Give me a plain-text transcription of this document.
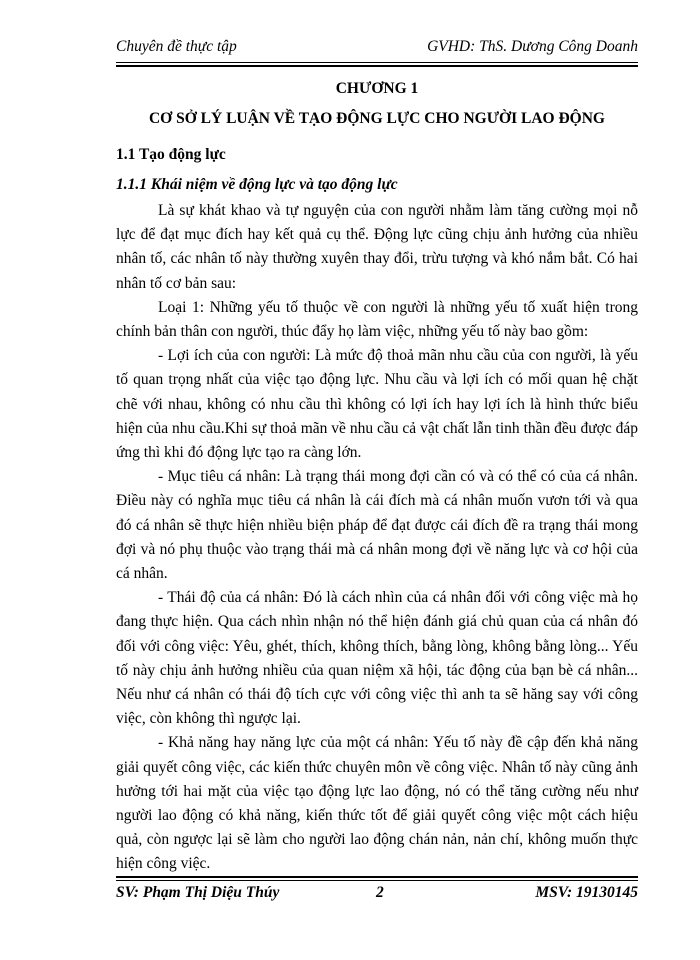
Chuyên đề thực tập	GVHD: ThS. Dương Công Doanh
CHƯƠNG 1
CƠ SỞ LÝ LUẬN VỀ TẠO ĐỘNG LỰC CHO NGƯỜI LAO ĐỘNG
1.1 Tạo động lực
1.1.1 Khái niệm về động lực và tạo động lực

Là sự khát khao và tự nguyện của con người nhằm làm tăng cường mọi nỗ lực để đạt mục đích hay kết quả cụ thể. Động lực cũng chịu ảnh hưởng của nhiều nhân tố, các nhân tố này thường xuyên thay đổi, trừu tượng và khó nắm bắt. Có hai nhân tố cơ bản sau:

Loại 1: Những yếu tố thuộc về con người là những yếu tố xuất hiện trong chính bản thân con người, thúc đẩy họ làm việc, những yếu tố này bao gồm:

- Lợi ích của con người: Là mức độ thoả mãn nhu cầu của con người, là yếu tố quan trọng nhất của việc tạo động lực. Nhu cầu và lợi ích có mối quan hệ chặt chẽ với nhau, không có nhu cầu thì không có lợi ích hay lợi ích là hình thức biểu hiện của nhu cầu.Khi sự thoả mãn về nhu cầu cả vật chất lẫn tinh thần đều được đáp ứng thì khi đó động lực tạo ra càng lớn.

- Mục tiêu cá nhân: Là trạng thái mong đợi cần có và có thể có của cá nhân. Điều này có nghĩa mục tiêu cá nhân là cái đích mà cá nhân muốn vươn tới và qua đó cá nhân sẽ thực hiện nhiều biện pháp để đạt được cái đích đề ra trạng thái mong đợi và nó phụ thuộc vào trạng thái mà cá nhân mong đợi về năng lực và cơ hội của cá nhân.

- Thái độ của cá nhân: Đó là cách nhìn của cá nhân đối với công việc mà họ đang thực hiện. Qua cách nhìn nhận nó thể hiện đánh giá chủ quan của cá nhân đó đối với công việc: Yêu, ghét, thích, không thích, bằng lòng, không bằng lòng... Yếu tố này chịu ảnh hưởng nhiều của quan niệm xã hội, tác động của bạn bè cá nhân... Nếu như cá nhân có thái độ tích cực với công việc thì anh ta sẽ hăng say với công việc, còn không thì ngược lại.

- Khả năng hay năng lực của một cá nhân: Yếu tố này đề cập đến khả năng giải quyết công việc, các kiến thức chuyên môn về công việc. Nhân tố này cũng ảnh hưởng tới hai mặt của việc tạo động lực lao động, nó có thể tăng cường nếu như người lao động có khả năng, kiến thức tốt để giải quyết công việc một cách hiệu quả, còn ngược lại sẽ làm cho người lao động chán nản, nản chí, không muốn thực hiện công việc.

SV: Phạm Thị Diệu Thúy	2	MSV: 19130145
